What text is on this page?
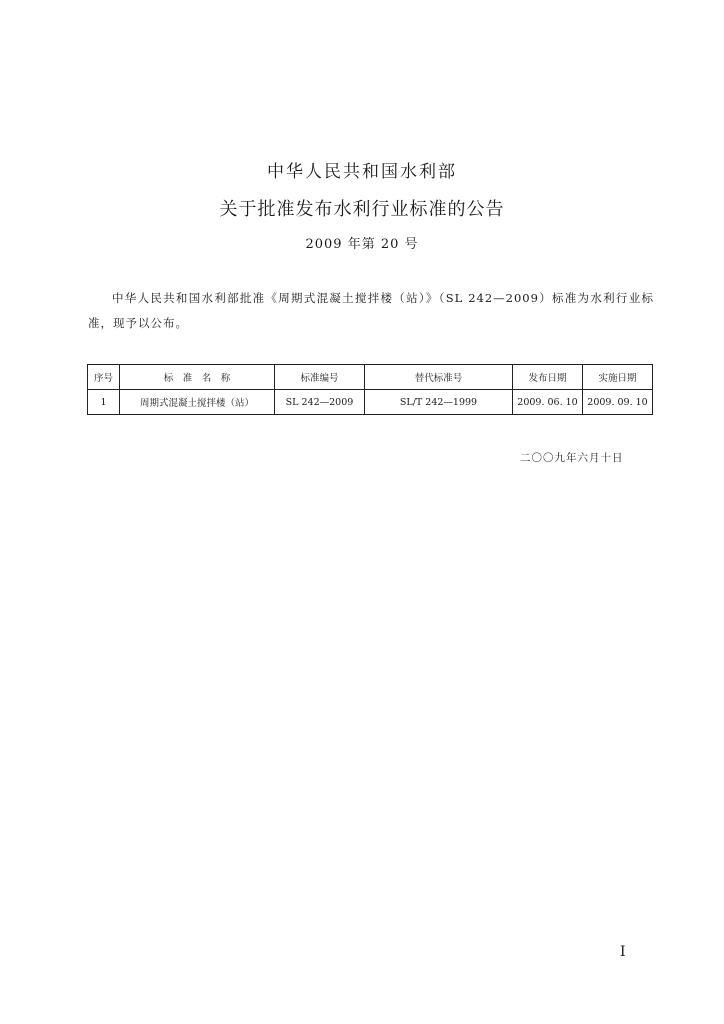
中华人民共和国水利部
关于批准发布水利行业标准的公告
2009 年第 20 号
中华人民共和国水利部批准《周期式混凝土搅拌楼（站）》（SL 242—2009）标准为水利行业标准，现予以公布。
序号	标　准　名　称	标准编号	替代标准号	发布日期	实施日期
1	周期式混凝土搅拌楼（站）	SL 242—2009	SL/T 242—1999	2009. 06. 10	2009. 09. 10
二〇〇九年六月十日
I
